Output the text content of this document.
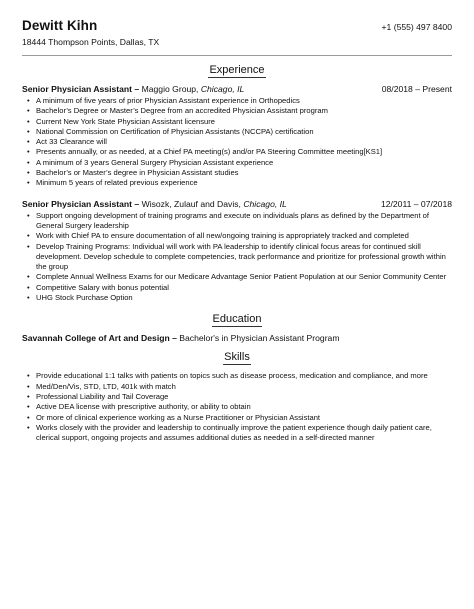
Dewitt Kihn	+1 (555) 497 8400
18444 Thompson Points, Dallas, TX
Experience
Senior Physician Assistant – Maggio Group, Chicago, IL	08/2018 – Present
• A minimum of five years of prior Physician Assistant experience in Orthopedics
• Bachelor’s Degree or Master’s Degree from an accredited Physician Assistant program
• Current New York State Physician Assistant licensure
• National Commission on Certification of Physician Assistants (NCCPA) certification
• Act 33 Clearance will
• Presents annually, or as needed, at a Chief PA meeting(s) and/or PA Steering Committee meeting[KS1]
• A minimum of 3 years General Surgery Physician Assistant experience
• Bachelor’s or Master’s degree in Physician Assistant studies
• Minimum 5 years of related previous experience
Senior Physician Assistant – Wisozk, Zulauf and Davis, Chicago, IL	12/2011 – 07/2018
• Support ongoing development of training programs and execute on individuals plans as defined by the Department of General Surgery leadership
• Work with Chief PA to ensure documentation of all new/ongoing training is appropriately tracked and completed
• Develop Training Programs: Individual will work with PA leadership to identify clinical focus areas for continued skill development. Develop schedule to complete competencies, track performance and prioritize for professional growth within the group
• Complete Annual Wellness Exams for our Medicare Advantage Senior Patient Population at our Senior Community Center
• Competitive Salary with bonus potential
• UHG Stock Purchase Option
Education
Savannah College of Art and Design – Bachelor's in Physician Assistant Program
Skills
• Provide educational 1:1 talks with patients on topics such as disease process, medication and compliance, and more
• Med/Den/Vis, STD, LTD, 401k with match
• Professional Liability and Tail Coverage
• Active DEA license with prescriptive authority, or ability to obtain
• Or more of clinical experience working as a Nurse Practitioner or Physician Assistant
• Works closely with the provider and leadership to continually improve the patient experience though daily patient care, clerical support, ongoing projects and assumes additional duties as needed in a self-directed manner
